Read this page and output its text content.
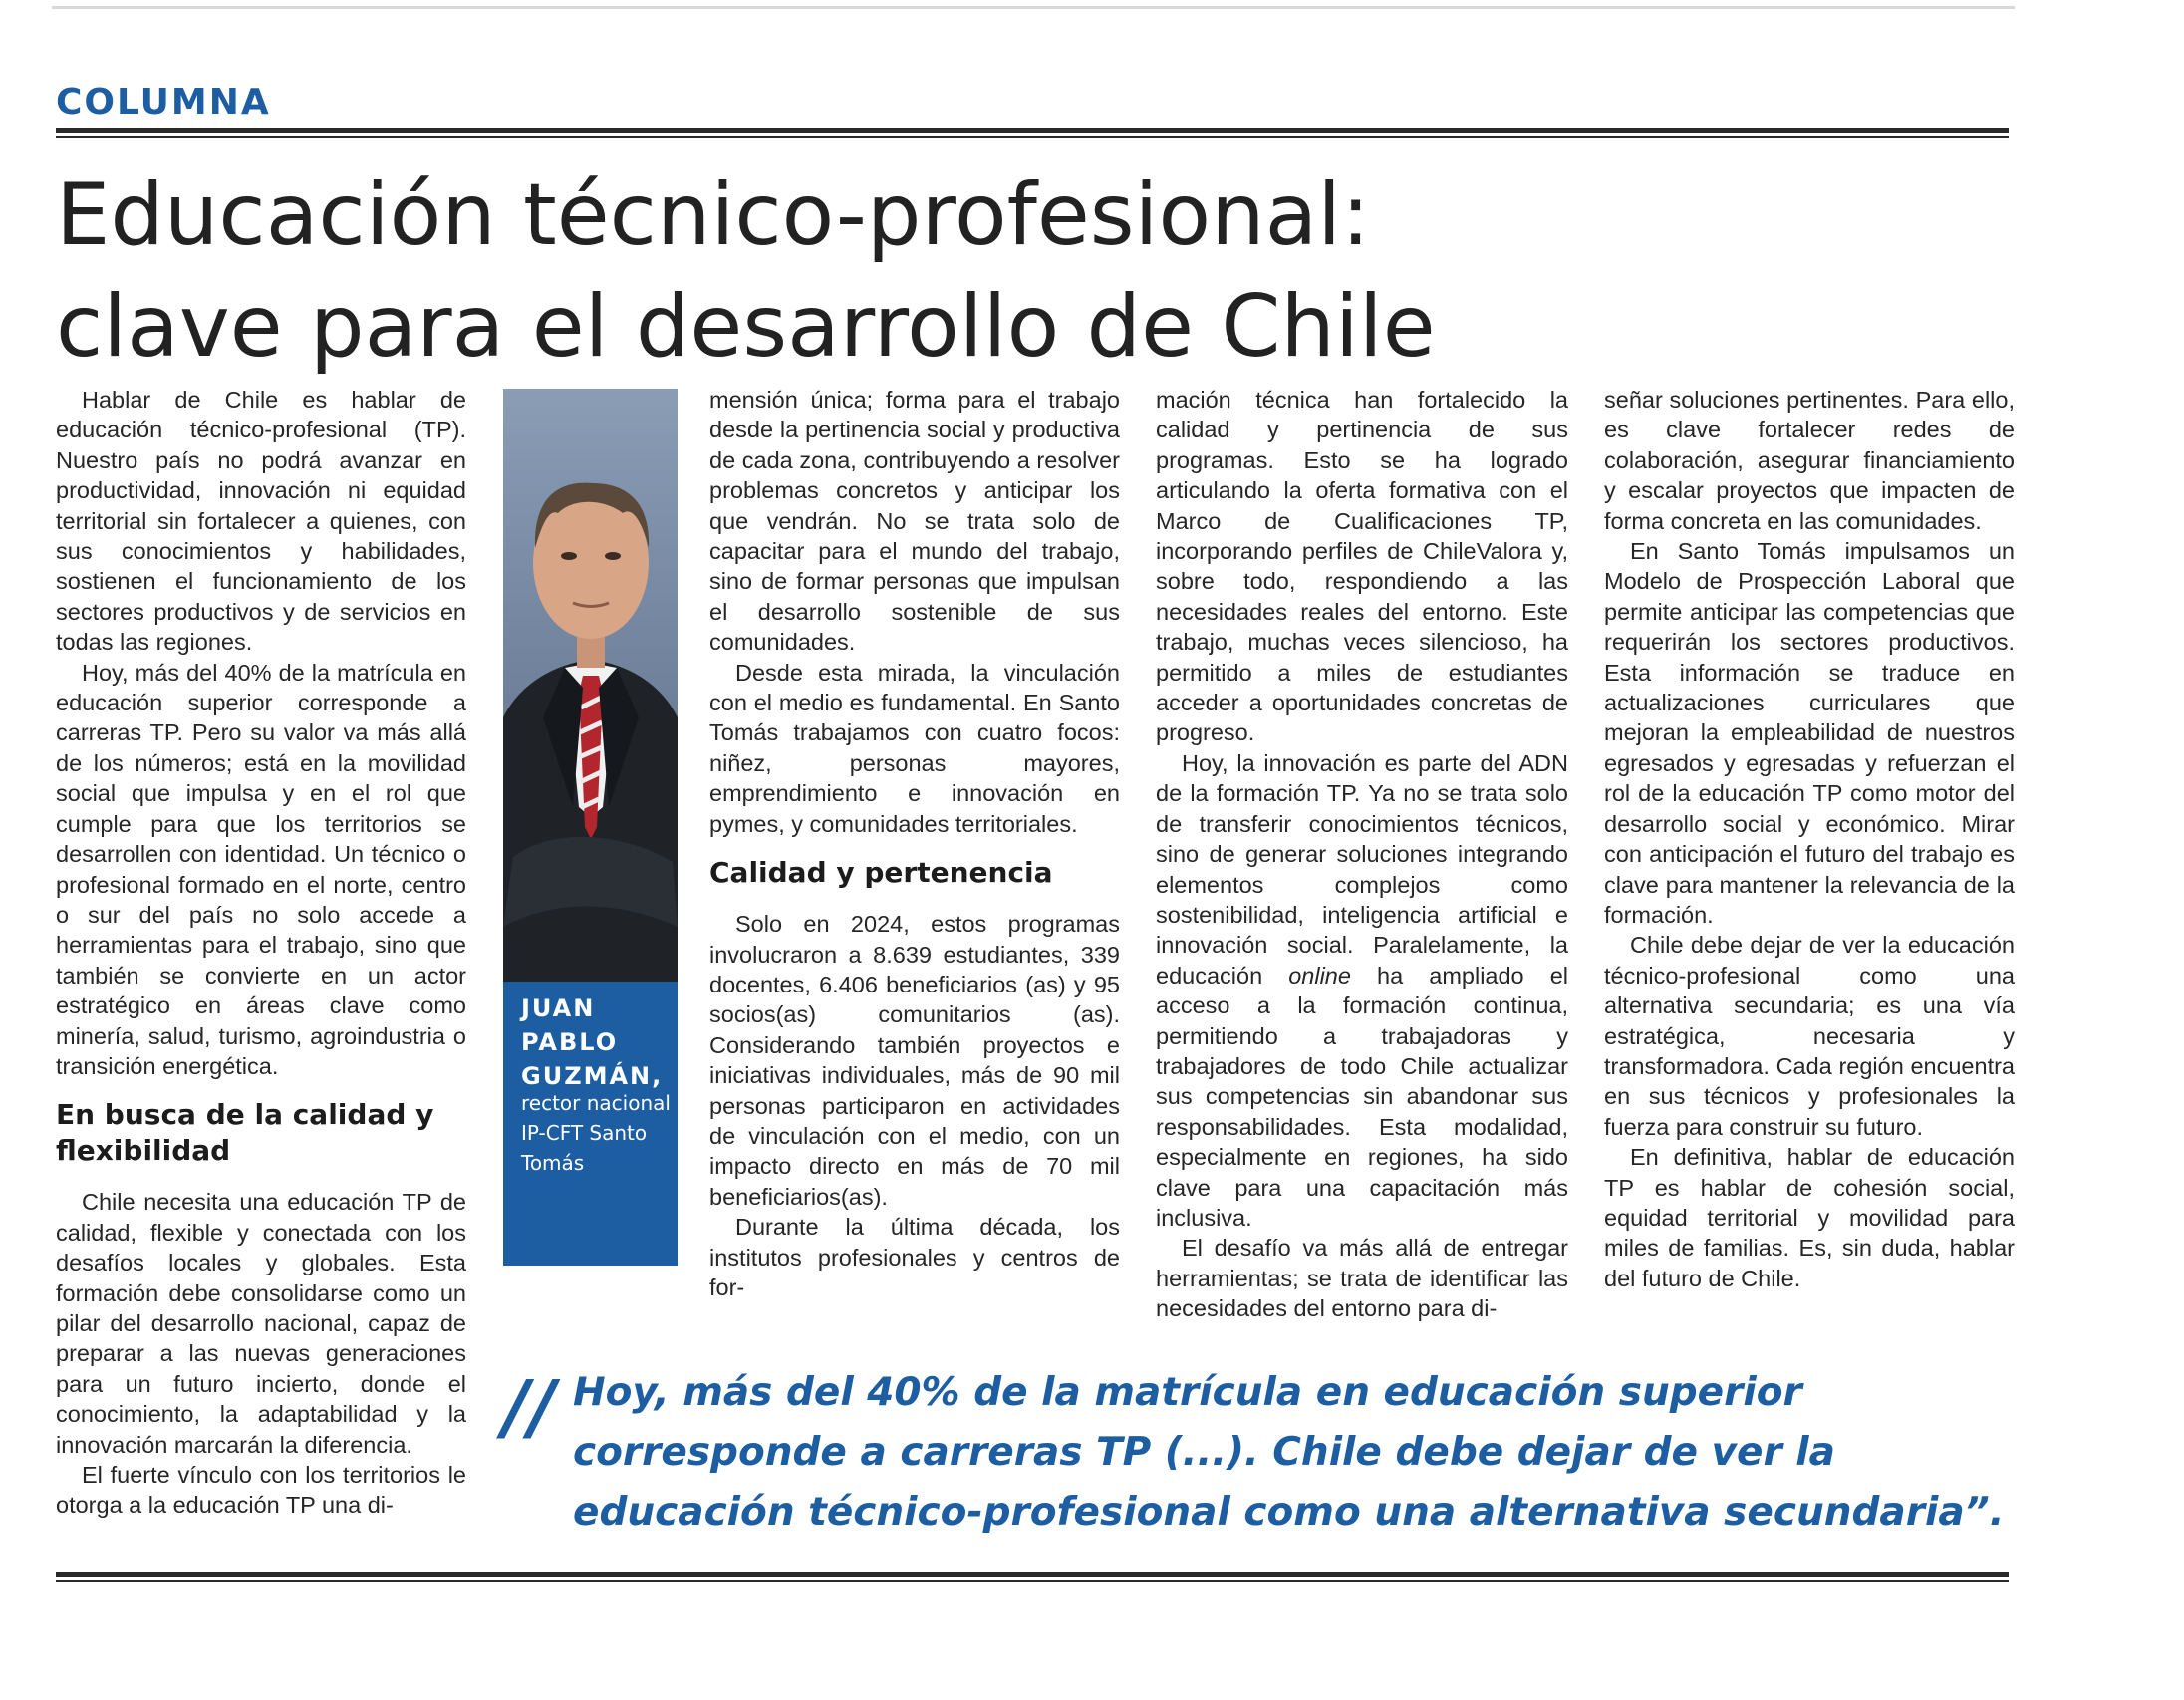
COLUMNA
Educación técnico-profesional:
clave para el desarrollo de Chile

Hablar de Chile es hablar de educación técnico-profesional (TP). Nuestro país no podrá avanzar en productividad, innovación ni equidad territorial sin fortalecer a quienes, con sus conocimientos y habilidades, sostienen el funcionamiento de los sectores productivos y de servicios en todas las regiones.

Hoy, más del 40% de la matrícula en educación superior corresponde a carreras TP. Pero su valor va más allá de los números; está en la movilidad social que impulsa y en el rol que cumple para que los territorios se desarrollen con identidad. Un técnico o profesional formado en el norte, centro o sur del país no solo accede a herramientas para el trabajo, sino que también se convierte en un actor estratégico en áreas clave como minería, salud, turismo, agroindustria o transición energética.

En busca de la calidad y flexibilidad

Chile necesita una educación TP de calidad, flexible y conectada con los desafíos locales y globales. Esta formación debe consolidarse como un pilar del desarrollo nacional, capaz de preparar a las nuevas generaciones para un futuro incierto, donde el conocimiento, la adaptabilidad y la innovación marcarán la diferencia.

El fuerte vínculo con los territorios le otorga a la educación TP una di-

JUAN PABLO GUZMÁN,
rector nacional IP-CFT Santo Tomás

mensión única; forma para el trabajo desde la pertinencia social y productiva de cada zona, contribuyendo a resolver problemas concretos y anticipar los que vendrán. No se trata solo de capacitar para el mundo del trabajo, sino de formar personas que impulsan el desarrollo sostenible de sus comunidades.

Desde esta mirada, la vinculación con el medio es fundamental. En Santo Tomás trabajamos con cuatro focos: niñez, personas mayores, emprendimiento e innovación en pymes, y comunidades territoriales.

Calidad y pertenencia

Solo en 2024, estos programas involucraron a 8.639 estudiantes, 339 docentes, 6.406 beneficiarios (as) y 95 socios(as) comunitarios (as). Considerando también proyectos e iniciativas individuales, más de 90 mil personas participaron en actividades de vinculación con el medio, con un impacto directo en más de 70 mil beneficiarios(as).

Durante la última década, los institutos profesionales y centros de for-

mación técnica han fortalecido la calidad y pertinencia de sus programas. Esto se ha logrado articulando la oferta formativa con el Marco de Cualificaciones TP, incorporando perfiles de ChileValora y, sobre todo, respondiendo a las necesidades reales del entorno. Este trabajo, muchas veces silencioso, ha permitido a miles de estudiantes acceder a oportunidades concretas de progreso.

Hoy, la innovación es parte del ADN de la formación TP. Ya no se trata solo de transferir conocimientos técnicos, sino de generar soluciones integrando elementos complejos como sostenibilidad, inteligencia artificial e innovación social. Paralelamente, la educación online ha ampliado el acceso a la formación continua, permitiendo a trabajadoras y trabajadores de todo Chile actualizar sus competencias sin abandonar sus responsabilidades. Esta modalidad, especialmente en regiones, ha sido clave para una capacitación más inclusiva.

El desafío va más allá de entregar herramientas; se trata de identificar las necesidades del entorno para di-

señar soluciones pertinentes. Para ello, es clave fortalecer redes de colaboración, asegurar financiamiento y escalar proyectos que impacten de forma concreta en las comunidades.

En Santo Tomás impulsamos un Modelo de Prospección Laboral que permite anticipar las competencias que requerirán los sectores productivos. Esta información se traduce en actualizaciones curriculares que mejoran la empleabilidad de nuestros egresados y egresadas y refuerzan el rol de la educación TP como motor del desarrollo social y económico. Mirar con anticipación el futuro del trabajo es clave para mantener la relevancia de la formación.

Chile debe dejar de ver la educación técnico-profesional como una alternativa secundaria; es una vía estratégica, necesaria y transformadora. Cada región encuentra en sus técnicos y profesionales la fuerza para construir su futuro.

En definitiva, hablar de educación TP es hablar de cohesión social, equidad territorial y movilidad para miles de familias. Es, sin duda, hablar del futuro de Chile.

// Hoy, más del 40% de la matrícula en educación superior corresponde a carreras TP (...). Chile debe dejar de ver la educación técnico-profesional como una alternativa secundaria”.
